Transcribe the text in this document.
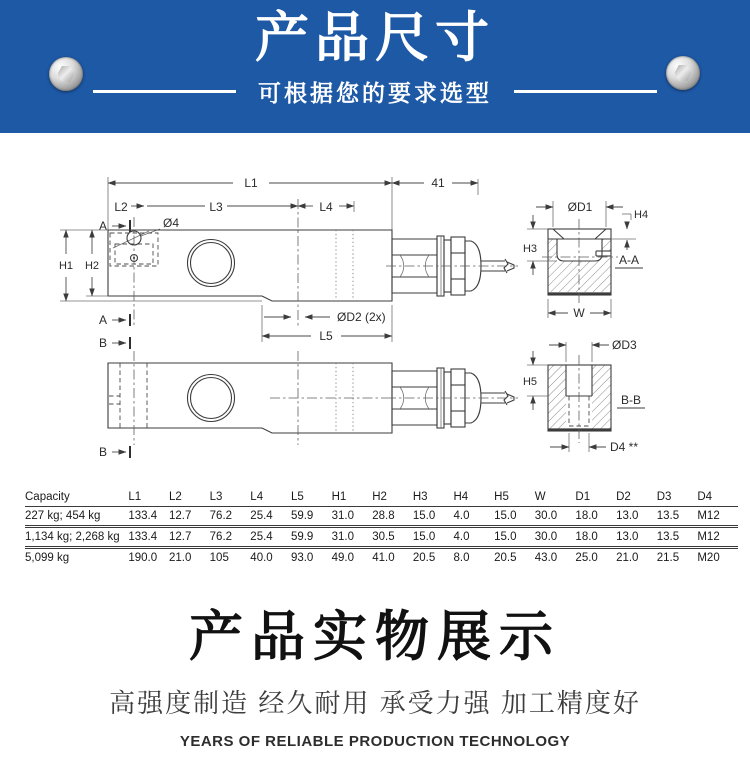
产品尺寸
可根据您的要求选型
L1	41
L2	L3	L4
A	Ø4
H1 H2
A	ØD2 (2x)
L5
B
B
ØD1
H3
H4
A-A
W
ØD3
H5
B-B
D4 **
Capacity	L1	L2	L3	L4	L5	H1	H2	H3	H4	H5	W	D1	D2	D3	D4
227 kg; 454 kg	133.4	12.7	76.2	25.4	59.9	31.0	28.8	15.0	4.0	15.0	30.0	18.0	13.0	13.5	M12
1,134 kg; 2,268 kg	133.4	12.7	76.2	25.4	59.9	31.0	30.5	15.0	4.0	15.0	30.0	18.0	13.0	13.5	M12
5,099 kg	190.0	21.0	105	40.0	93.0	49.0	41.0	20.5	8.0	20.5	43.0	25.0	21.0	21.5	M20
产品实物展示
高强度制造 经久耐用 承受力强 加工精度好
YEARS OF RELIABLE PRODUCTION TECHNOLOGY
